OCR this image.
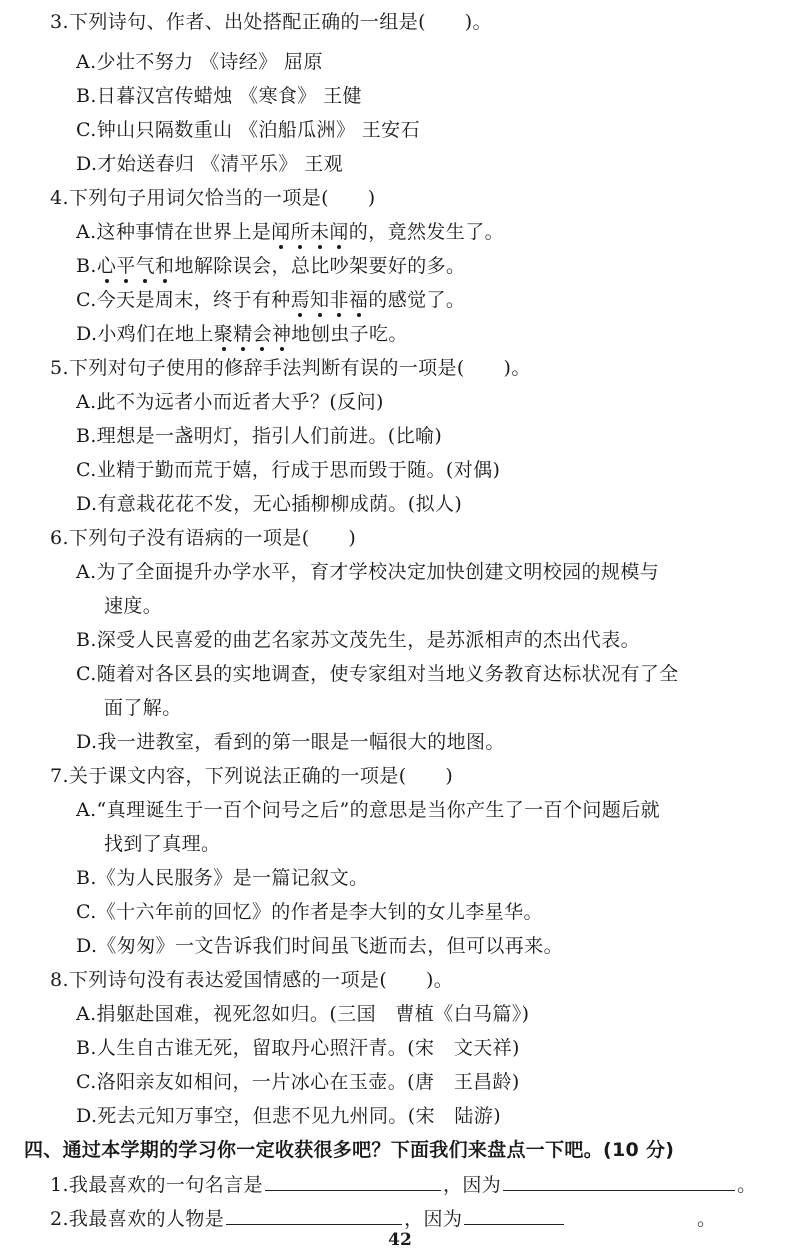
3.下列诗句、作者、出处搭配正确的一组是(　　)。
A.少壮不努力 《诗经》 屈原
B.日暮汉宫传蜡烛 《寒食》 王健
C.钟山只隔数重山 《泊船瓜洲》 王安石
D.才始送春归 《清平乐》 王观
4.下列句子用词欠恰当的一项是(　　)
A.这种事情在世界上是闻所未闻的，竟然发生了。
B.心平气和地解除误会，总比吵架要好的多。
C.今天是周末，终于有种焉知非福的感觉了。
D.小鸡们在地上聚精会神地刨虫子吃。
5.下列对句子使用的修辞手法判断有误的一项是(　　)。
A.此不为远者小而近者大乎？(反问)
B.理想是一盏明灯，指引人们前进。(比喻)
C.业精于勤而荒于嬉，行成于思而毁于随。(对偶)
D.有意栽花花不发，无心插柳柳成荫。(拟人)
6.下列句子没有语病的一项是(　　)
A.为了全面提升办学水平，育才学校决定加快创建文明校园的规模与
速度。
B.深受人民喜爱的曲艺名家苏文茂先生，是苏派相声的杰出代表。
C.随着对各区县的实地调查，使专家组对当地义务教育达标状况有了全
面了解。
D.我一进教室，看到的第一眼是一幅很大的地图。
7.关于课文内容，下列说法正确的一项是(　　)
A.“真理诞生于一百个问号之后”的意思是当你产生了一百个问题后就
找到了真理。
B.《为人民服务》是一篇记叙文。
C.《十六年前的回忆》的作者是李大钊的女儿李星华。
D.《匆匆》一文告诉我们时间虽飞逝而去，但可以再来。
8.下列诗句没有表达爱国情感的一项是(　　)。
A.捐躯赴国难，视死忽如归。(三国　曹植《白马篇》)
B.人生自古谁无死，留取丹心照汗青。(宋　文天祥)
C.洛阳亲友如相问，一片冰心在玉壶。(唐　王昌龄)
D.死去元知万事空，但悲不见九州同。(宋　陆游)
四、通过本学期的学习你一定收获很多吧？下面我们来盘点一下吧。(10 分)
1.我最喜欢的一句名言是	，因为	。
2.我最喜欢的人物是	，因为	。
42
